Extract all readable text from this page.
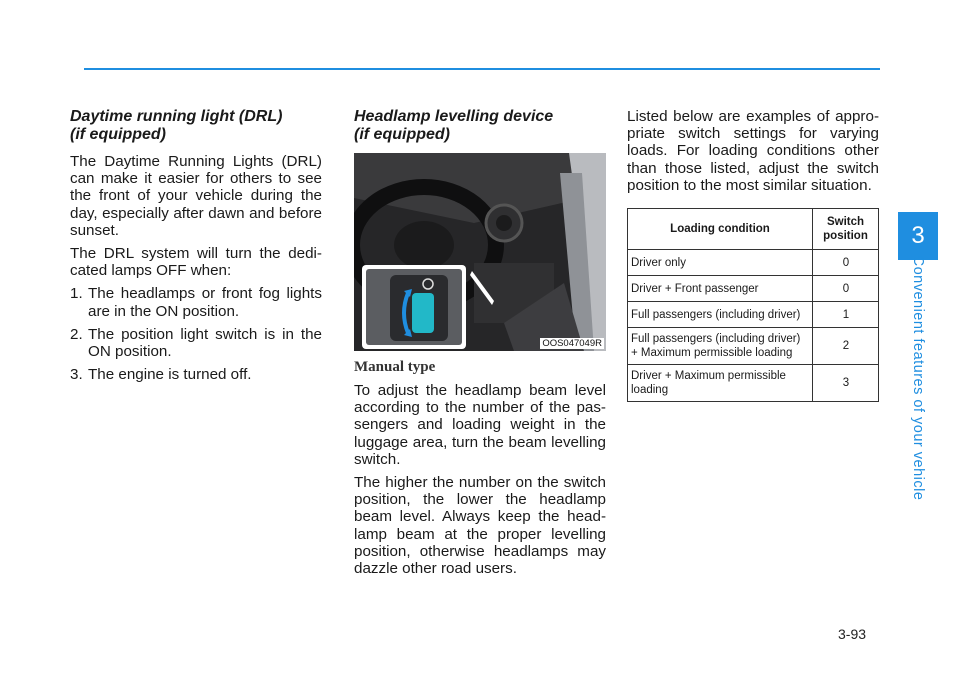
Daytime running light (DRL)
(if equipped)

The Daytime Running Lights (DRL) can make it easier for others to see the front of your vehicle during the day, especially after dawn and before sunset.

The DRL system will turn the dedi-cated lamps OFF when:

1. The headlamps or front fog lights are in the ON position.
2. The position light switch is in the ON position.
3. The engine is turned off.
Headlamp levelling device
(if equipped)
OOS047049R
Manual type

To adjust the headlamp beam level according to the number of the pas-sengers and loading weight in the luggage area, turn the beam levelling switch.

The higher the number on the switch position, the lower the headlamp beam level. Always keep the head-lamp beam at the proper levelling position, otherwise headlamps may dazzle other road users.

Listed below are examples of appro-priate switch settings for varying loads. For loading conditions other than those listed, adjust the switch position to the most similar situation.

Loading condition	Switch position
Driver only	0
Driver + Front passenger	0
Full passengers (including driver)	1
Full passengers (including driver) + Maximum permissible loading	2
Driver + Maximum permissible loading	3
3
Convenient features of your vehicle
3-93
